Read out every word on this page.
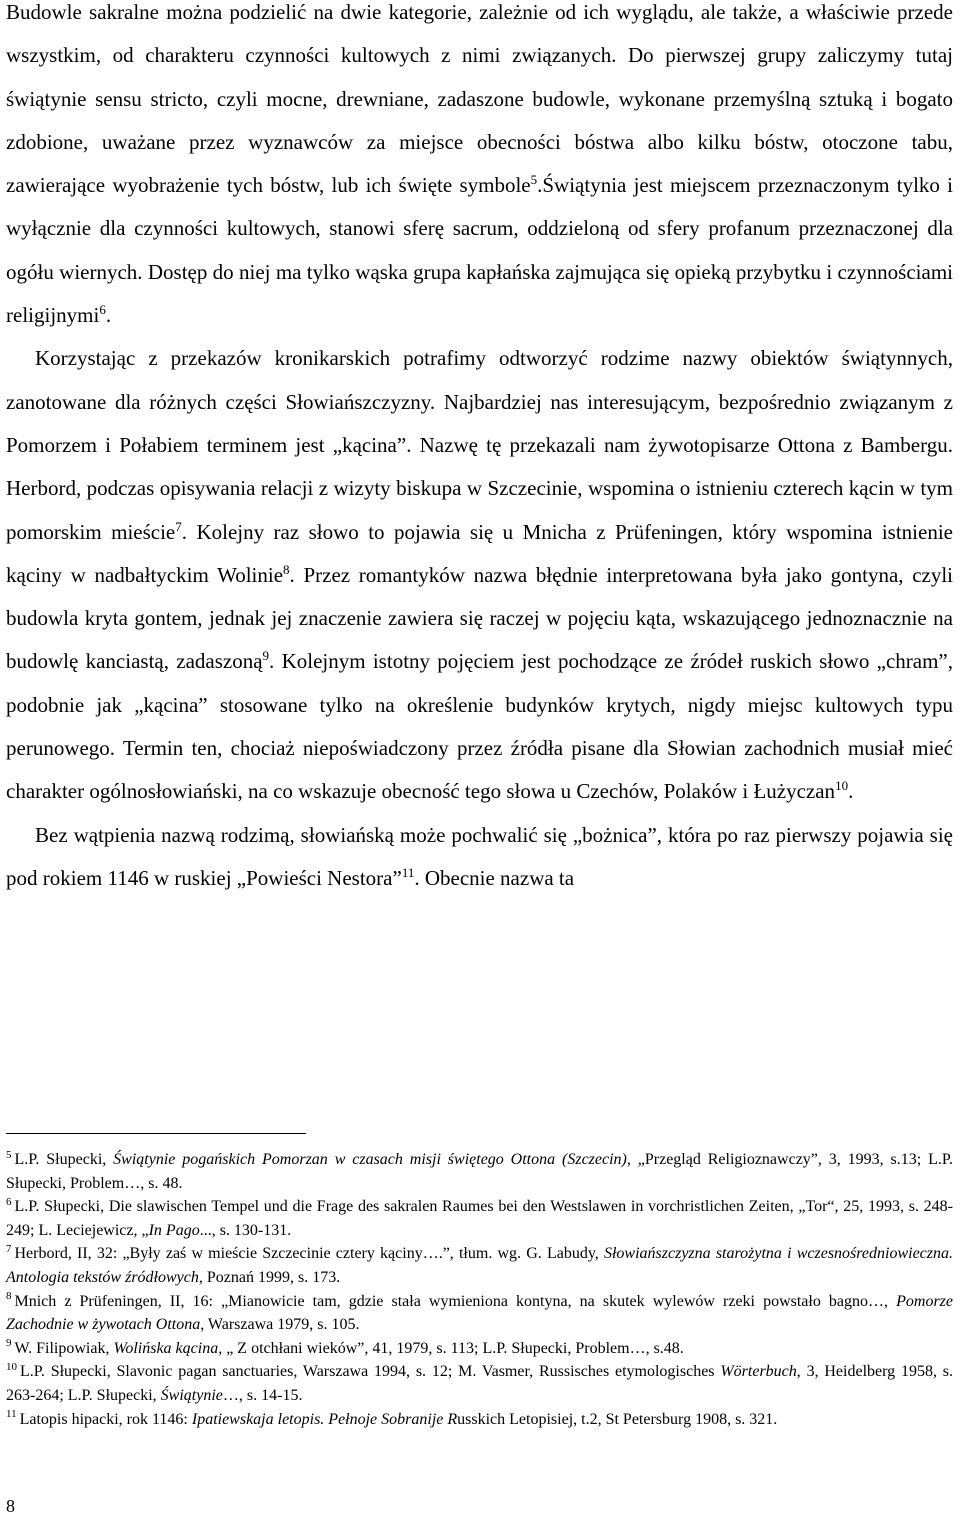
Budowle sakralne można podzielić na dwie kategorie, zależnie od ich wyglądu, ale także, a właściwie przede wszystkim, od charakteru czynności kultowych z nimi związanych. Do pierwszej grupy zaliczymy tutaj świątynie sensu stricto, czyli mocne, drewniane, zadaszone budowle, wykonane przemyślną sztuką i bogato zdobione, uważane przez wyznawców za miejsce obecności bóstwa albo kilku bóstw, otoczone tabu, zawierające wyobrażenie tych bóstw, lub ich święte symbole$^5$.Świątynia jest miejscem przeznaczonym tylko i wyłącznie dla czynności kultowych, stanowi sferę sacrum, oddzieloną od sfery profanum przeznaczonej dla ogółu wiernych. Dostęp do niej ma tylko wąska grupa kapłańska zajmująca się opieką przybytku i czynnościami religijnymi$^6$.

Korzystając z przekazów kronikarskich potrafimy odtworzyć rodzime nazwy obiektów świątynnych, zanotowane dla różnych części Słowiańszczyzny. Najbardziej nas interesującym, bezpośrednio związanym z Pomorzem i Połabiem terminem jest „kącina”. Nazwę tę przekazali nam żywotopisarze Ottona z Bambergu. Herbord, podczas opisywania relacji z wizyty biskupa w Szczecinie, wspomina o istnieniu czterech kącin w tym pomorskim mieście$^7$. Kolejny raz słowo to pojawia się u Mnicha z Prüfeningen, który wspomina istnienie kąciny w nadbałtyckim Wolinie$^8$. Przez romantyków nazwa błędnie interpretowana była jako gontyna, czyli budowla kryta gontem, jednak jej znaczenie zawiera się raczej w pojęciu kąta, wskazującego jednoznacznie na budowlę kanciastą, zadaszoną$^9$. Kolejnym istotny pojęciem jest pochodzące ze źródeł ruskich słowo „chram”, podobnie jak „kącina” stosowane tylko na określenie budynków krytych, nigdy miejsc kultowych typu perunowego. Termin ten, chociaż niepoświadczony przez źródła pisane dla Słowian zachodnich musiał mieć charakter ogólnosłowiański, na co wskazuje obecność tego słowa u Czechów, Polaków i Łużyczan$^{10}$.

Bez wątpienia nazwą rodzimą, słowiańską może pochwalić się „bożnica”, która po raz pierwszy pojawia się pod rokiem 1146 w ruskiej „Powieści Nestora”$^{11}$. Obecnie nazwa ta

$^5$ L.P. Słupecki, Świątynie pogańskich Pomorzan w czasach misji świętego Ottona (Szczecin), „Przegląd Religioznawczy”, 3, 1993, s.13; L.P. Słupecki, Problem…, s. 48.

$^6$ L.P. Słupecki, Die slawischen Tempel und die Frage des sakralen Raumes bei den Westslawen in vorchristlichen Zeiten, „Tor“, 25, 1993, s. 248-249; L. Leciejewicz, „In Pago..., s. 130-131.

$^7$ Herbord, II, 32: „Były zaś w mieście Szczecinie cztery kąciny….”, tłum. wg. G. Labudy, Słowiańszczyzna starożytna i wczesnośredniowieczna. Antologia tekstów źródłowych, Poznań 1999, s. 173.

$^8$ Mnich z Prüfeningen, II, 16: „Mianowicie tam, gdzie stała wymieniona kontyna, na skutek wylewów rzeki powstało bagno…, Pomorze Zachodnie w żywotach Ottona, Warszawa 1979, s. 105.

$^9$ W. Filipowiak, Wolińska kącina, „ Z otchłani wieków”, 41, 1979, s. 113; L.P. Słupecki, Problem…, s.48.

$^{10}$ L.P. Słupecki, Slavonic pagan sanctuaries, Warszawa 1994, s. 12; M. Vasmer, Russisches etymologisches Wörterbuch, 3, Heidelberg 1958, s. 263-264; L.P. Słupecki, Świątynie…, s. 14-15.

$^{11}$ Latopis hipacki, rok 1146: Ipatiewskaja letopis. Pełnoje Sobranije Russkich Letopisiej, t.2, St Petersburg 1908, s. 321.

8
